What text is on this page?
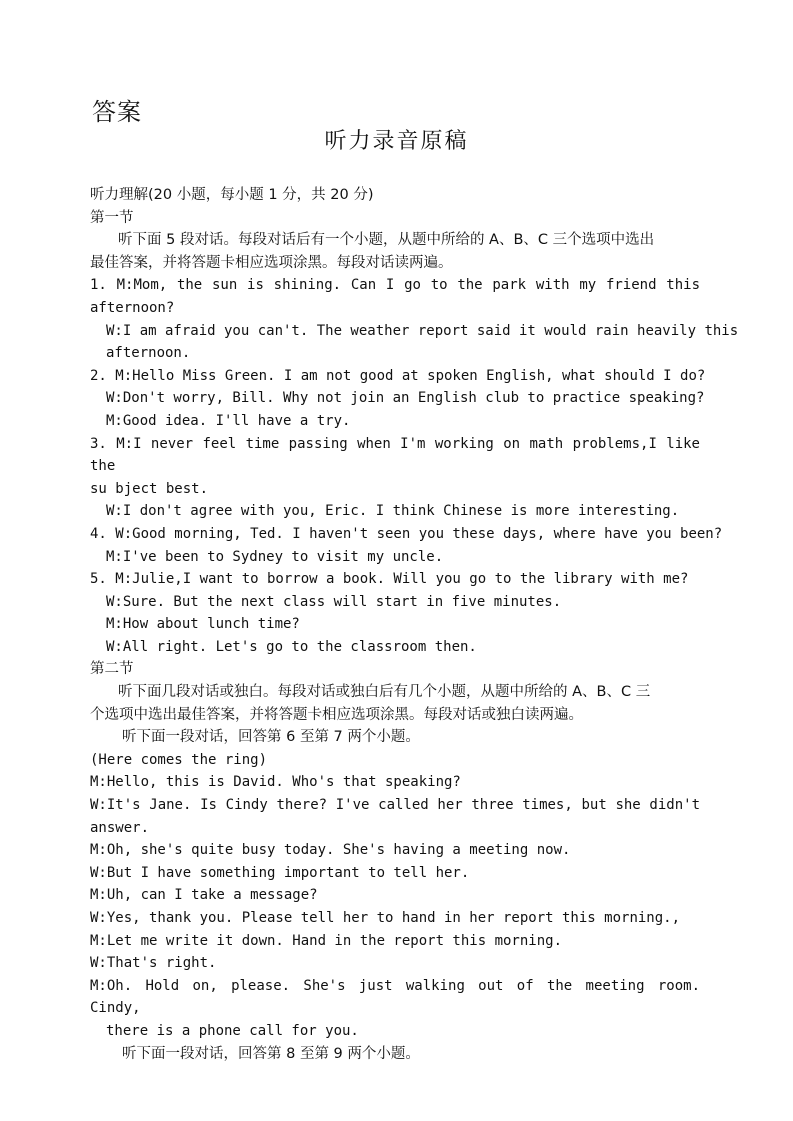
答案
听力录音原稿
听力理解(20 小题，每小题 1 分，共 20 分)
第一节
听下面 5 段对话。每段对话后有一个小题，从题中所给的 A、B、C 三个选项中选出
最佳答案，并将答题卡相应选项涂黑。每段对话读两遍。
1. M:Mom, the sun is shining. Can I go to the park with my friend this
afternoon?
W:I am afraid you can't. The weather report said it would rain heavily this
afternoon.
2. M:Hello Miss Green. I am not good at spoken English, what should I do?
W:Don't worry, Bill. Why not join an English club to practice speaking?
M:Good idea. I'll have a try.
3. M:I never feel time passing when I'm working on math problems,I like the
su bject best.
W:I don't agree with you, Eric. I think Chinese is more interesting.
4. W:Good morning, Ted. I haven't seen you these days, where have you been?
M:I've been to Sydney to visit my uncle.
5. M:Julie,I want to borrow a book. Will you go to the library with me?
W:Sure. But the next class will start in five minutes.
M:How about lunch time?
W:All right. Let's go to the classroom then.
第二节
听下面几段对话或独白。每段对话或独白后有几个小题，从题中所给的 A、B、C 三
个选项中选出最佳答案，并将答题卡相应选项涂黑。每段对话或独白读两遍。
听下面一段对话，回答第 6 至第 7 两个小题。
(Here comes the ring)
M:Hello, this is David. Who's that speaking?
W:It's Jane. Is Cindy there? I've called her three times, but she didn't
answer.
M:Oh, she's quite busy today. She's having a meeting now.
W:But I have something important to tell her.
M:Uh, can I take a message?
W:Yes, thank you. Please tell her to hand in her report this morning.,
M:Let me write it down. Hand in the report this morning.
W:That's right.
M:Oh. Hold on, please. She's just walking out of the meeting room. Cindy,
there is a phone call for you.
听下面一段对话，回答第 8 至第 9 两个小题。
